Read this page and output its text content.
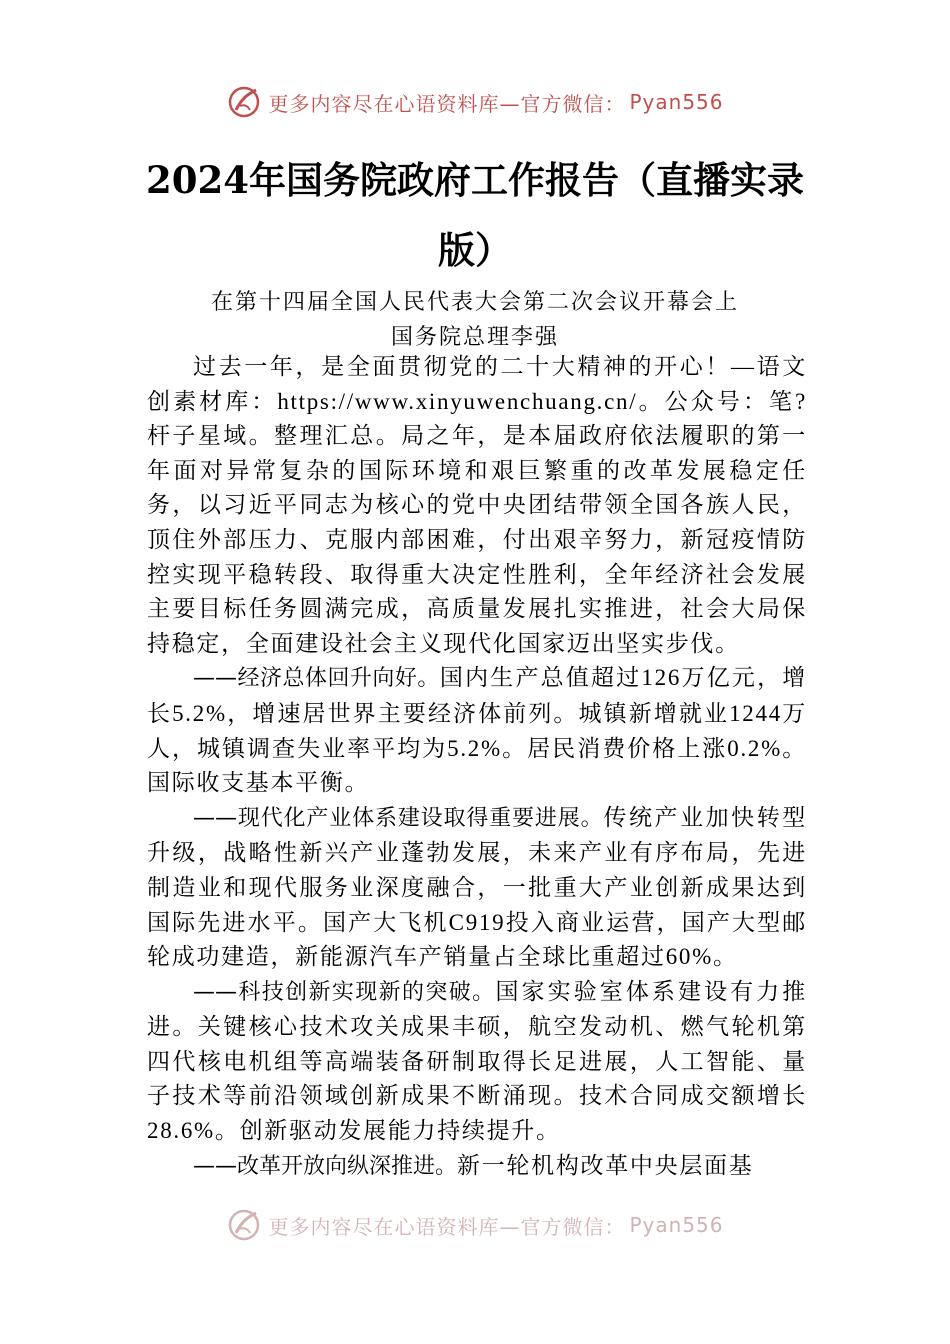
更多内容尽在心语资料库—官方微信： Pyan556
2024年国务院政府工作报告（直播实录
版）
在第十四届全国人民代表大会第二次会议开幕会上
国务院总理李强

过去一年，是全面贯彻党的二十大精神的开心！—语文创素材库：https://www.xinyuwenchuang.cn/。公众号：笔?杆子星域。整理汇总。局之年，是本届政府依法履职的第一年面对异常复杂的国际环境和艰巨繁重的改革发展稳定任务，以习近平同志为核心的党中央团结带领全国各族人民，顶住外部压力、克服内部困难，付出艰辛努力，新冠疫情防控实现平稳转段、取得重大决定性胜利，全年经济社会发展主要目标任务圆满完成，高质量发展扎实推进，社会大局保持稳定，全面建设社会主义现代化国家迈出坚实步伐。

——经济总体回升向好。国内生产总值超过126万亿元，增长5.2%，增速居世界主要经济体前列。城镇新增就业1244万人，城镇调查失业率平均为5.2%。居民消费价格上涨0.2%。国际收支基本平衡。

——现代化产业体系建设取得重要进展。传统产业加快转型升级，战略性新兴产业蓬勃发展，未来产业有序布局，先进制造业和现代服务业深度融合，一批重大产业创新成果达到国际先进水平。国产大飞机C919投入商业运营，国产大型邮轮成功建造，新能源汽车产销量占全球比重超过60%。

——科技创新实现新的突破。国家实验室体系建设有力推进。关键核心技术攻关成果丰硕，航空发动机、燃气轮机第四代核电机组等高端装备研制取得长足进展，人工智能、量子技术等前沿领域创新成果不断涌现。技术合同成交额增长28.6%。创新驱动发展能力持续提升。

——改革开放向纵深推进。新一轮机构改革中央层面基

更多内容尽在心语资料库—官方微信： Pyan556
